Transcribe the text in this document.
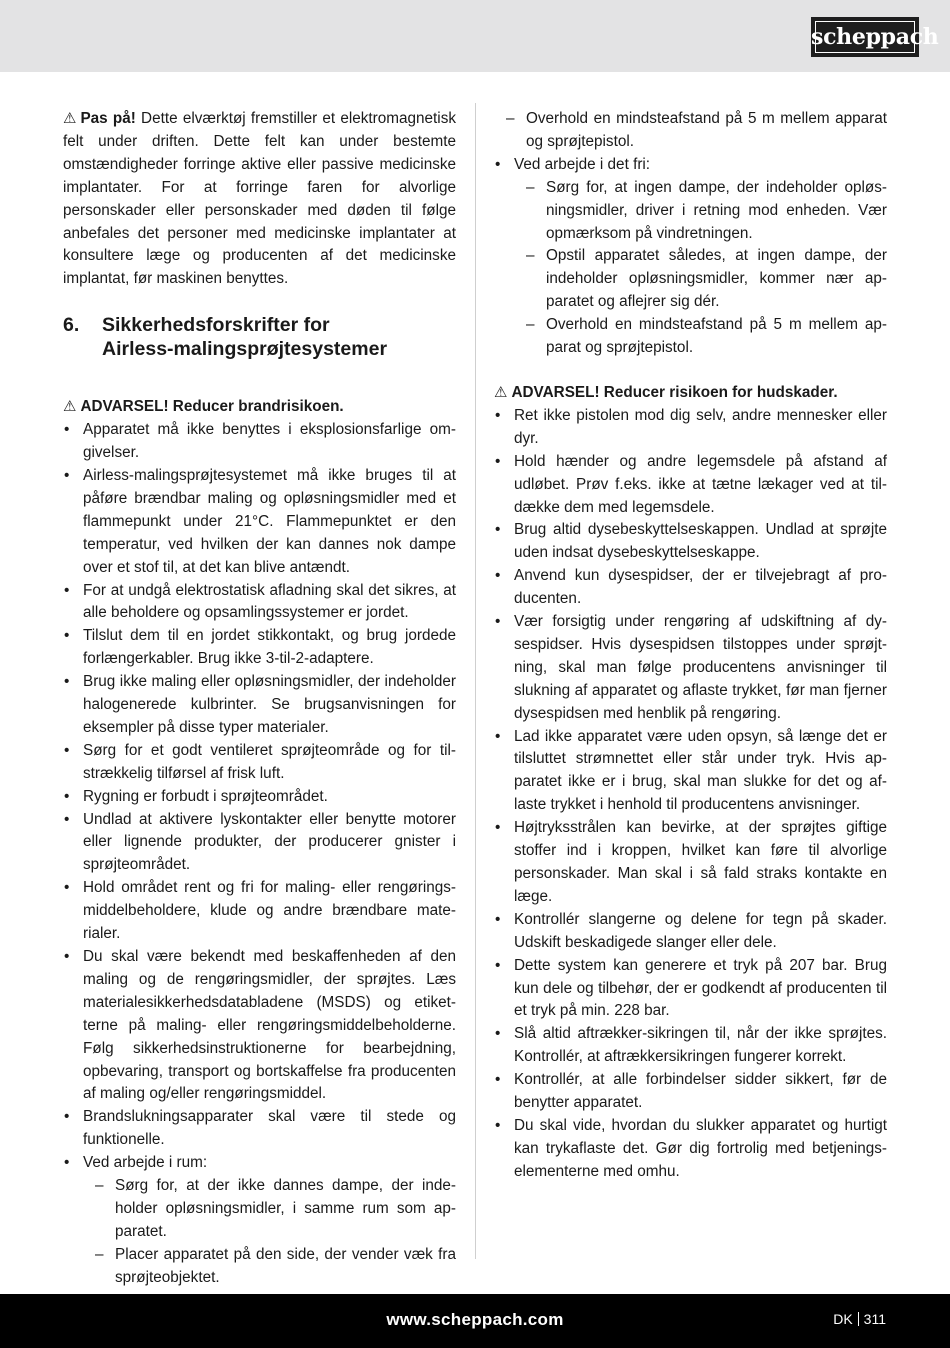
scheppach

⚠ Pas på! Dette elværktøj fremstiller et elektromagnetisk felt under driften. Dette felt kan under bestemte omstændigheder forringe aktive eller passive medicinske implantater. For at forringe faren for alvorlige personskader eller personskader med døden til følge anbefales det personer med medicinske implantater at konsultere læge og producenten af det medicinske implantat, før maskinen benyttes.

6.	Sikkerhedsforskrifter for
Airless-malingsprøjtesystemer

⚠ ADVARSEL! Reducer brandrisikoen.

• Apparatet må ikke benyttes i eksplosionsfarlige omgivelser.
• Airless-malingsprøjtesystemet må ikke bruges til at påføre brændbar maling og opløsningsmidler med et flammepunkt under 21°C. Flammepunktet er den temperatur, ved hvilken der kan dannes nok dampe over et stof til, at det kan blive antændt.
• For at undgå elektrostatisk afladning skal det sikres, at alle beholdere og opsamlingssystemer er jordet.
• Tilslut dem til en jordet stikkontakt, og brug jordede forlængerkabler. Brug ikke 3-til-2-adaptere.
• Brug ikke maling eller opløsningsmidler, der indeholder halogenerede kulbrinter. Se brugsanvisningen for eksempler på disse typer materialer.
• Sørg for et godt ventileret sprøjteområde og for tilstrækkelig tilførsel af frisk luft.
• Rygning er forbudt i sprøjteområdet.
• Undlad at aktivere lyskontakter eller benytte motorer eller lignende produkter, der producerer gnister i sprøjteområdet.
• Hold området rent og fri for maling- eller rengøringsmiddelbeholdere, klude og andre brændbare materialer.
• Du skal være bekendt med beskaffenheden af den maling og de rengøringsmidler, der sprøjtes. Læs materialesikkerhedsdatabladene (MSDS) og etiketterne på maling- eller rengøringsmiddelbeholderne. Følg sikkerhedsinstruktionerne for bearbejdning, opbevaring, transport og bortskaffelse fra producenten af maling og/eller rengøringsmiddel.
• Brandslukningsapparater skal være til stede og funktionelle.
• Ved arbejde i rum:
– Sørg for, at der ikke dannes dampe, der indeholder opløsningsmidler, i samme rum som apparatet.
– Placer apparatet på den side, der vender væk fra sprøjteobjektet.
– Overhold en mindsteafstand på 5 m mellem apparat og sprøjtepistol.
• Ved arbejde i det fri:
– Sørg for, at ingen dampe, der indeholder opløsningsmidler, driver i retning mod enheden. Vær opmærksom på vindretningen.
– Opstil apparatet således, at ingen dampe, der indeholder opløsningsmidler, kommer nær apparatet og aflejrer sig dér.
– Overhold en mindsteafstand på 5 m mellem apparat og sprøjtepistol.

⚠ ADVARSEL! Reducer risikoen for hudskader.

• Ret ikke pistolen mod dig selv, andre mennesker eller dyr.
• Hold hænder og andre legemsdele på afstand af udløbet. Prøv f.eks. ikke at tætne lækager ved at tildække dem med legemsdele.
• Brug altid dysebeskyttelseskappen. Undlad at sprøjte uden indsat dysebeskyttelseskappe.
• Anvend kun dysespidser, der er tilvejebragt af producenten.
• Vær forsigtig under rengøring af udskiftning af dysespidser. Hvis dysespidsen tilstoppes under sprøjtning, skal man følge producentens anvisninger til slukning af apparatet og aflaste trykket, før man fjerner dysespidsen med henblik på rengøring.
• Lad ikke apparatet være uden opsyn, så længe det er tilsluttet strømnettet eller står under tryk. Hvis apparatet ikke er i brug, skal man slukke for det og aflaste trykket i henhold til producentens anvisninger.
• Højtryksstrålen kan bevirke, at der sprøjtes giftige stoffer ind i kroppen, hvilket kan føre til alvorlige personskader. Man skal i så fald straks kontakte en læge.
• Kontrollér slangerne og delene for tegn på skader. Udskift beskadigede slanger eller dele.
• Dette system kan generere et tryk på 207 bar. Brug kun dele og tilbehør, der er godkendt af producenten til et tryk på min. 228 bar.
• Slå altid aftrækker-sikringen til, når der ikke sprøjtes. Kontrollér, at aftrækkersikringen fungerer korrekt.
• Kontrollér, at alle forbindelser sidder sikkert, før de benytter apparatet.
• Du skal vide, hvordan du slukker apparatet og hurtigt kan trykaflaste det. Gør dig fortrolig med betjeningselementerne med omhu.
www.scheppach.com	DK 311
